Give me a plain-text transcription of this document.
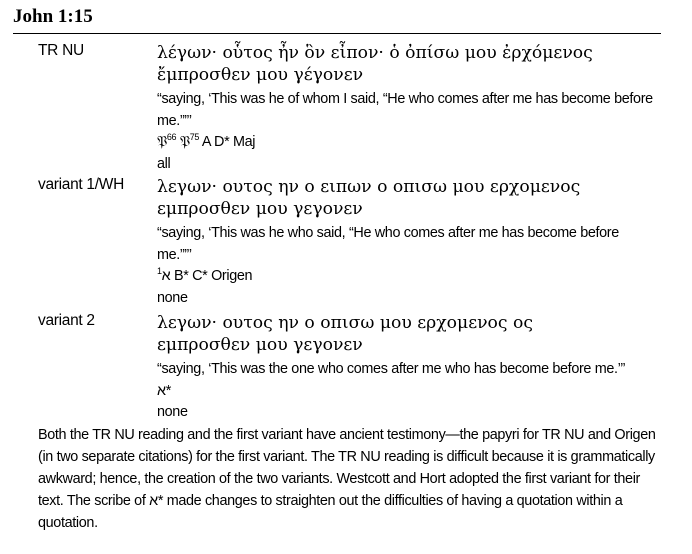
John 1:15
TR NU	λέγων· οὗτος ἦν ὃν εἶπον· ὁ ὀπίσω μου ἐρχόμενος

ἔμπροσθεν μου γέγονεν

“saying, ‘This was he of whom I said, “He who comes after me has become before me.””’

𝔓$^{66}$ 𝔓$^{75}$ A D* Maj

all

variant 1/WH λεγων· ουτος ην ο ειπων ο οπισω μου ερχομενος

εμπροσθεν μου γεγονεν

“saying, ‘This was he who said, “He who comes after me has become before me.””’

א$^1$ B* C* Origen

none

variant 2	λεγων· ουτος ην ο οπισω μου ερχομενος ος

εμπροσθεν μου γεγονεν

“saying, ‘This was the one who comes after me who has become before me.’”

א*

none

Both the TR NU reading and the first variant have ancient testimony—the papyri for TR NU and Origen (in two separate citations) for the first variant. The TR NU reading is difficult because it is grammatically awkward; hence, the creation of the two variants. Westcott and Hort adopted the first variant for their text. The scribe of א* made changes to straighten out the difficulties of having a quotation within a quotation.
